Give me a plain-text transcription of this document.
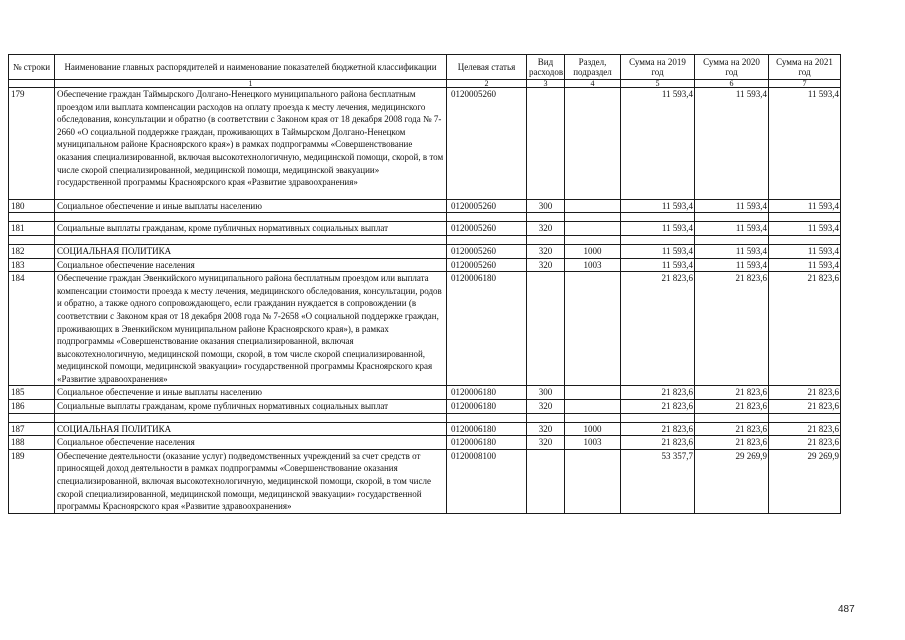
№ строки	Наименование главных распорядителей и наименование показателей бюджетной классификации	Целевая статья	Вид расходов	Раздел, подраздел	Сумма на 2019 год	Сумма на 2020 год	Сумма на 2021 год
	1	2	3	4	5	6	7
179	Обеспечение граждан Таймырского Долгано-Ненецкого муниципального района бесплатным проездом или выплата компенсации расходов на оплату проезда к месту лечения, медицинского обследования, консультации и обратно (в соответствии с Законом края от 18 декабря 2008 года № 7-2660 «О социальной поддержке граждан, проживающих в Таймырском Долгано-Ненецком муниципальном районе Красноярского края») в рамках подпрограммы «Совершенствование оказания специализированной, включая высокотехнологичную, медицинской помощи, скорой, в том числе скорой специализированной, медицинской помощи, медицинской эвакуации» государственной программы Красноярского края «Развитие здравоохранения»	0120005260			11 593,4	11 593,4	11 593,4
180	Социальное обеспечение и иные выплаты населению	0120005260	300		11 593,4	11 593,4	11 593,4

181	Социальные выплаты гражданам, кроме публичных нормативных социальных выплат	0120005260	320		11 593,4	11 593,4	11 593,4

182	СОЦИАЛЬНАЯ ПОЛИТИКА	0120005260	320	1000	11 593,4	11 593,4	11 593,4
183	Социальное обеспечение населения	0120005260	320	1003	11 593,4	11 593,4	11 593,4
184	Обеспечение граждан Эвенкийского муниципального района бесплатным проездом или выплата компенсации стоимости проезда к месту лечения, медицинского обследования, консультации, родов и обратно, а также одного сопровождающего, если гражданин нуждается в сопровождении (в соответствии с Законом края от 18 декабря 2008 года № 7-2658 «О социальной поддержке граждан, проживающих в Эвенкийском муниципальном районе Красноярского края»), в рамках подпрограммы «Совершенствование оказания специализированной, включая высокотехнологичную, медицинской помощи, скорой, в том числе скорой специализированной, медицинской помощи, медицинской эвакуации» государственной программы Красноярского края «Развитие здравоохранения»	0120006180			21 823,6	21 823,6	21 823,6
185	Социальное обеспечение и иные выплаты населению	0120006180	300		21 823,6	21 823,6	21 823,6
186	Социальные выплаты гражданам, кроме публичных нормативных социальных выплат	0120006180	320		21 823,6	21 823,6	21 823,6

187	СОЦИАЛЬНАЯ ПОЛИТИКА	0120006180	320	1000	21 823,6	21 823,6	21 823,6
188	Социальное обеспечение населения	0120006180	320	1003	21 823,6	21 823,6	21 823,6
189	Обеспечение деятельности (оказание услуг) подведомственных учреждений за счет средств от приносящей доход деятельности в рамках подпрограммы «Совершенствование оказания специализированной, включая высокотехнологичную, медицинской помощи, скорой, в том числе скорой специализированной, медицинской помощи, медицинской эвакуации» государственной программы Красноярского края «Развитие здравоохранения»	0120008100			53 357,7	29 269,9	29 269,9
487
